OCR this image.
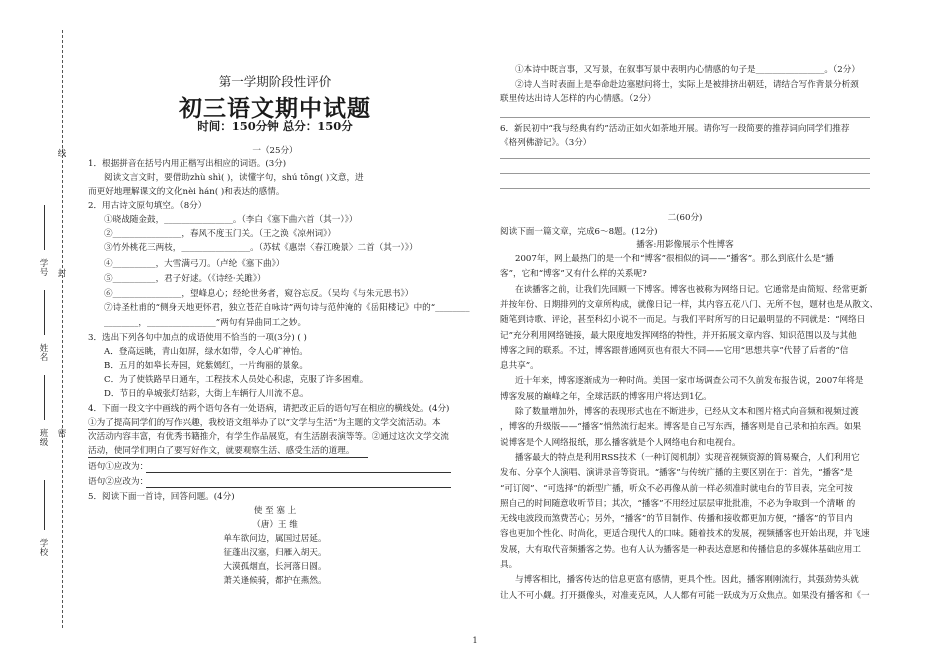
线
封
密
学号
姓名
班级
学校
第一学期阶段性评价
初三语文期中试题
时间：150分钟 总分：150分
一（25分）
1．根据拼音在括号内用正楷写出相应的词语。(3分)
阅读文言文时，要借助zhù shì( )，读懂字句，shú tōng( )文意，进
而更好地理解课文的文化nèi hán( )和表达的感情。
2．用古诗文原句填空。（8分）
①晓战随金鼓，________________。（李白《塞下曲六首（其一）》）
②________________，春风不度玉门关。（王之涣《凉州词》）
③竹外桃花三两枝，________________。（苏轼《惠崇〈春江晚景〉二首（其一）》）
④__________，大雪满弓刀。（卢纶《塞下曲》）
⑤__________，君子好逑。（《诗经·关雎》）
⑥________________，望峰息心；经纶世务者，窥谷忘反。（吴均《与朱元思书》）
⑦诗圣杜甫的“侧身天地更怀君，独立苍茫自咏诗”两句诗与范仲淹的《岳阳楼记》中的“________
________，________________”两句有异曲同工之妙。
3．选出下列各句中加点的成语使用不恰当的一项(3分) ( )
A．登高远眺，青山如屏，绿水如带，令人心旷神怡。
B．五月的如皋长寿园，姹紫嫣红，一片绚丽的景象。
C．为了使铁路早日通车，工程技术人员处心积虑，克服了许多困难。
D．节日的阜城张灯结彩，大街上车辆行人川流不息。
4．下面一段文字中画线的两个语句各有一处语病，请把改正后的语句写在相应的横线处。(4分)
①为了提高同学们的写作兴趣，我校语文组举办了以“文学与生活”为主题的文学交流活动。本
次活动内容丰富，有优秀书籍推介，有学生作品展览，有生活剧表演等等。②通过这次文学交流
活动，使同学们明白了要写好作文，就要观察生活、感受生活的道理。
语句①应改为：
语句②应改为：
5．阅读下面一首诗，回答问题。(4分)
使 至 塞 上
（唐）王 维
单车欲问边，属国过居延。
征蓬出汉塞，归雁入胡天。
大漠孤烟直，长河落日圆。
萧关逢候骑，都护在燕然。
①本诗中既言事，又写景，在叙事写景中表明内心情感的句子是________________。（2分）
②诗人当时表面上是奉命赴边塞慰问将士，实际上是被排挤出朝廷，请结合写作背景分析颈
联里传达出诗人怎样的内心情感。（2分）
6．新民初中“我与经典有约”活动正如火如荼地开展。请你写一段简要的推荐词向同学们推荐
《格列佛游记》。（3分）
二(60分)
阅读下面一篇文章，完成6～8题。(12分)
播客:用影像展示个性博客
2007年，网上最热门的是一个和“博客”很相似的词——“播客”。那么到底什么是“播
客”，它和“博客”又有什么样的关系呢?
在读播客之前，让我们先回顾一下博客。博客也被称为网络日记。它通常是由简短、经常更新
并按年份、日期排列的文章所构成，就像日记一样，其内容五花八门、无所不包，题材也是从散文、
随笔到诗歌、评论，甚至科幻小说不一而足。与我们平时所写的日记最明显的不同就是：“网络日
记”充分利用网络链接，最大限度地发挥网络的特性，并开拓展文章内容、知识范围以及与其他
博客之间的联系。不过，博客跟普通网页也有很大不同——它用“思想共享”代替了后者的“信
息共享”。
近十年来，博客逐渐成为一种时尚。美国一家市场调查公司不久前发布报告说，2007年将是
博客发展的巅峰之年，全球活跃的博客用户将达到1亿。
除了数量增加外，博客的表现形式也在不断进步，已经从文本和图片格式向音频和视频过渡
，博客的升级版——“播客”悄然流行起来。博客是自己写东西，播客则是自己录和拍东西。如果
说博客是个人网络报纸，那么播客就是个人网络电台和电视台。
播客最大的特点是利用RSS技术（一种订阅机制）实现音视频资源的简易聚合，人们利用它
发布、分享个人演唱、演讲录音等资讯。“播客”与传统广播的主要区别在于：首先，“播客”是
“可订阅”、“可选择”的新型广播，听众不必再像从前一样必须准时就电台的节目表，完全可按
照自己的时间随意收听节目；其次，“播客”不用经过层层审批批准，不必为争取到一个清晰 的
无线电波段而煞费苦心；另外，“播客”的节目制作、传播和接收都更加方便，“播客”的节目内
容也更加个性化、时尚化，更适合现代人的口味。随着技术的发展，视频播客也开始出现，并飞速
发展，大有取代音频播客之势。也有人认为播客是一种表达意愿和传播信息的多媒体基础应用工
具。
与博客相比，播客传达的信息更富有感情，更具个性。因此，播客刚刚流行，其强劲势头就
让人不可小觑。打开摄像头，对准麦克风，人人都有可能一跃成为万众焦点。如果没有播客和《一
1
